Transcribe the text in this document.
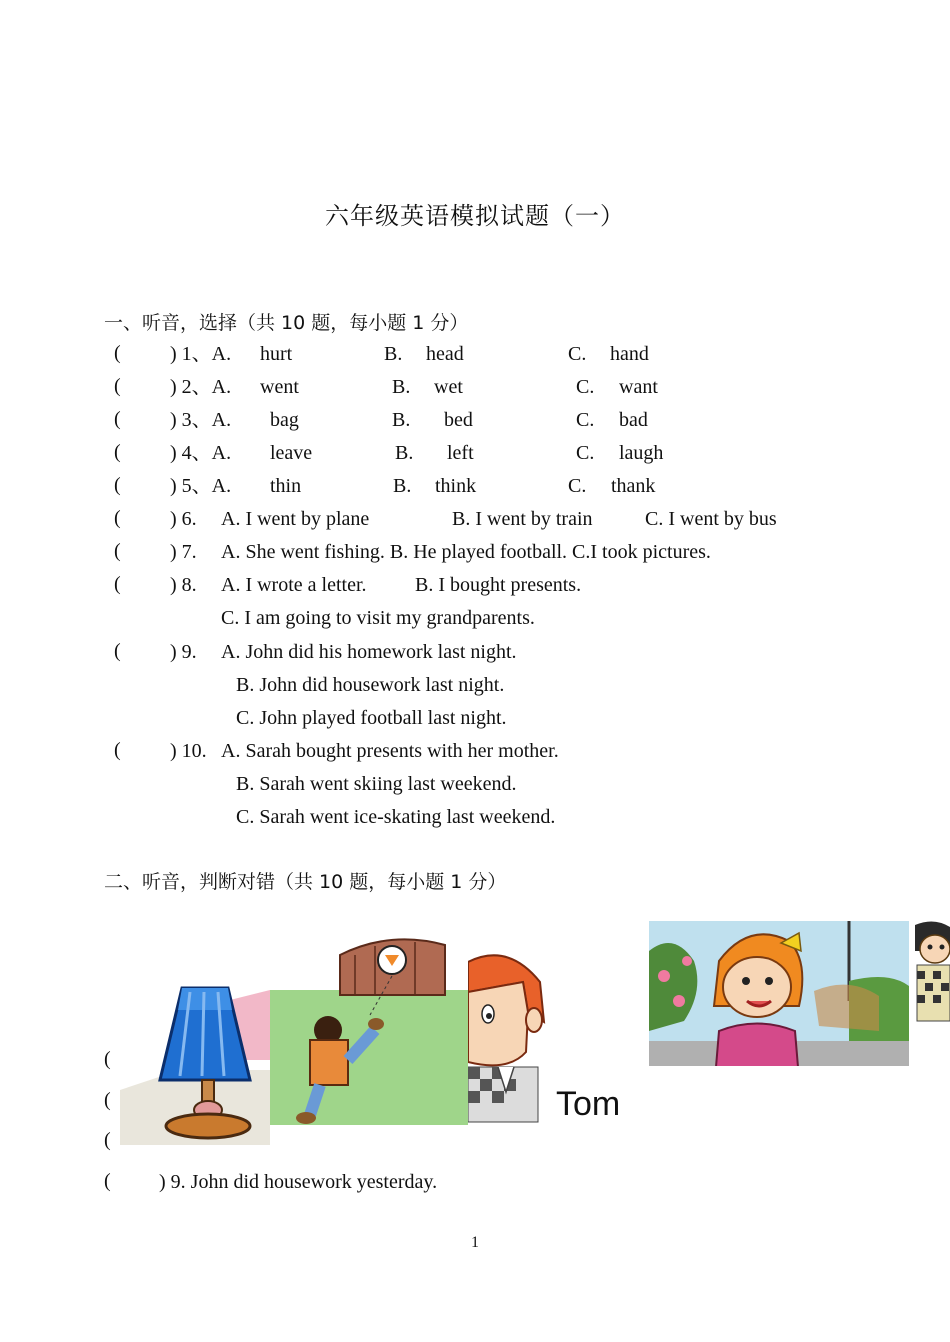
六年级英语模拟试题（一）
一、听音，选择（共 10 题，每小题 1 分）
( ) 1、A. hurt	B. head	C. hand
( ) 2、A. went	B. wet	C. want
( ) 3、A. bag	B. bed	C. bad
( ) 4、A. leave	B. left	C. laugh
( ) 5、A. thin	B. think	C. thank
( ) 6. A. I went by plane	B. I went by train	C. I went by bus
( ) 7. A. She went fishing. B. He played football. C.I took pictures.
( ) 8. A. I wrote a letter. B. I bought presents.
C. I am going to visit my grandparents.
( ) 9. A. John did his homework last night.
B. John did housework last night.
C. John played football last night.
( ) 10. A. Sarah bought presents with her mother.
B. Sarah went skiing last weekend.
C. Sarah went ice-skating last weekend.
二、听音，判断对错（共 10 题，每小题 1 分）
(
(
(
Tom
( ) 9. John did housework yesterday.
1
